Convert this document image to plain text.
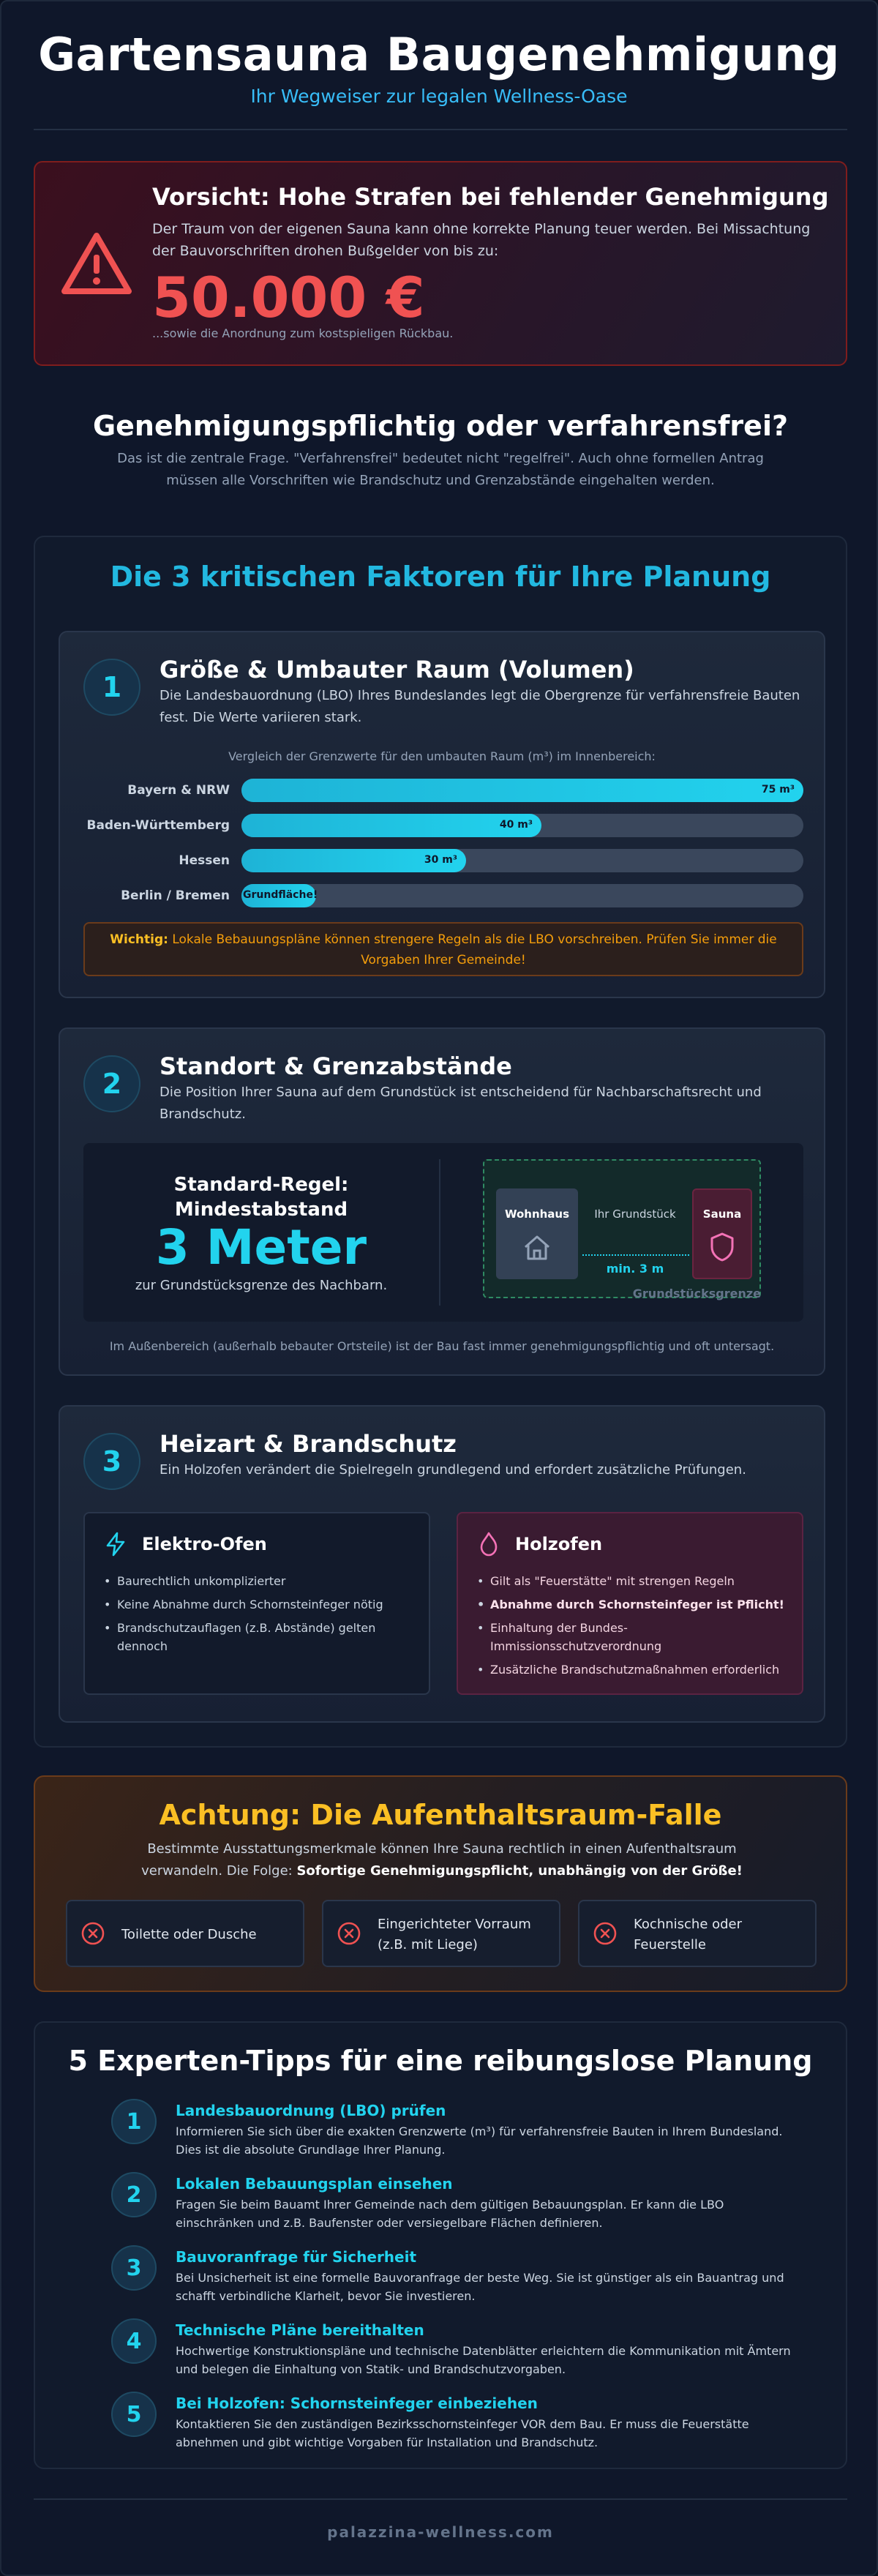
Gartensauna Baugenehmigung
Ihr Wegweiser zur legalen Wellness-Oase
Vorsicht: Hohe Strafen bei fehlender Genehmigung
Der Traum von der eigenen Sauna kann ohne korrekte Planung teuer werden. Bei Missachtung der Bauvorschriften drohen Bußgelder von bis zu:
50.000 €
...sowie die Anordnung zum kostspieligen Rückbau.
Genehmigungspflichtig oder verfahrensfrei?
Das ist die zentrale Frage. "Verfahrensfrei" bedeutet nicht "regelfrei". Auch ohne formellen Antrag müssen alle Vorschriften wie Brandschutz und Grenzabstände eingehalten werden.
Die 3 kritischen Faktoren für Ihre Planung
1
Größe & Umbauter Raum (Volumen)
Die Landesbauordnung (LBO) Ihres Bundeslandes legt die Obergrenze für verfahrensfreie Bauten fest. Die Werte variieren stark.
Vergleich der Grenzwerte für den umbauten Raum (m³) im Innenbereich:
Bayern & NRW	75 m³
Baden-Württemberg	40 m³
Hessen	30 m³
Berlin / Bremen Grundfläche!
Wichtig: Lokale Bebauungspläne können strengere Regeln als die LBO vorschreiben. Prüfen Sie immer die Vorgaben Ihrer Gemeinde!
2
Standort & Grenzabstände
Die Position Ihrer Sauna auf dem Grundstück ist entscheidend für Nachbarschaftsrecht und Brandschutz.
Standard-Regel:
Mindestabstand
3 Meter
zur Grundstücksgrenze des Nachbarn.
Wohnhaus	Ihr Grundstück
min. 3 m
Sauna
Grundstücksgrenze
Im Außenbereich (außerhalb bebauter Ortsteile) ist der Bau fast immer genehmigungspflichtig und oft untersagt.
3
Heizart & Brandschutz
Ein Holzofen verändert die Spielregeln grundlegend und erfordert zusätzliche Prüfungen.
Elektro-Ofen
• Baurechtlich unkomplizierter
• Keine Abnahme durch Schornsteinfeger nötig
• Brandschutzauflagen (z.B. Abstände) gelten dennoch
Holzofen
• Gilt als "Feuerstätte" mit strengen Regeln
• Abnahme durch Schornsteinfeger ist Pflicht!
• Einhaltung der Bundes-Immissionsschutzverordnung
• Zusätzliche Brandschutzmaßnahmen erforderlich
Achtung: Die Aufenthaltsraum-Falle
Bestimmte Ausstattungsmerkmale können Ihre Sauna rechtlich in einen Aufenthaltsraum verwandeln. Die Folge: Sofortige Genehmigungspflicht, unabhängig von der Größe!
Toilette oder Dusche
Eingerichteter Vorraum (z.B. mit Liege)
Kochnische oder Feuerstelle
5 Experten-Tipps für eine reibungslose Planung
1	Landesbauordnung (LBO) prüfen
Informieren Sie sich über die exakten Grenzwerte (m³) für verfahrensfreie Bauten in Ihrem Bundesland. Dies ist die absolute Grundlage Ihrer Planung.
2	Lokalen Bebauungsplan einsehen
Fragen Sie beim Bauamt Ihrer Gemeinde nach dem gültigen Bebauungsplan. Er kann die LBO einschränken und z.B. Baufenster oder versiegelbare Flächen definieren.
3	Bauvoranfrage für Sicherheit
Bei Unsicherheit ist eine formelle Bauvoranfrage der beste Weg. Sie ist günstiger als ein Bauantrag und schafft verbindliche Klarheit, bevor Sie investieren.
4	Technische Pläne bereithalten
Hochwertige Konstruktionspläne und technische Datenblätter erleichtern die Kommunikation mit Ämtern und belegen die Einhaltung von Statik- und Brandschutzvorgaben.
5	Bei Holzofen: Schornsteinfeger einbeziehen
Kontaktieren Sie den zuständigen Bezirksschornsteinfeger VOR dem Bau. Er muss die Feuerstätte abnehmen und gibt wichtige Vorgaben für Installation und Brandschutz.
palazzina-wellness.com
